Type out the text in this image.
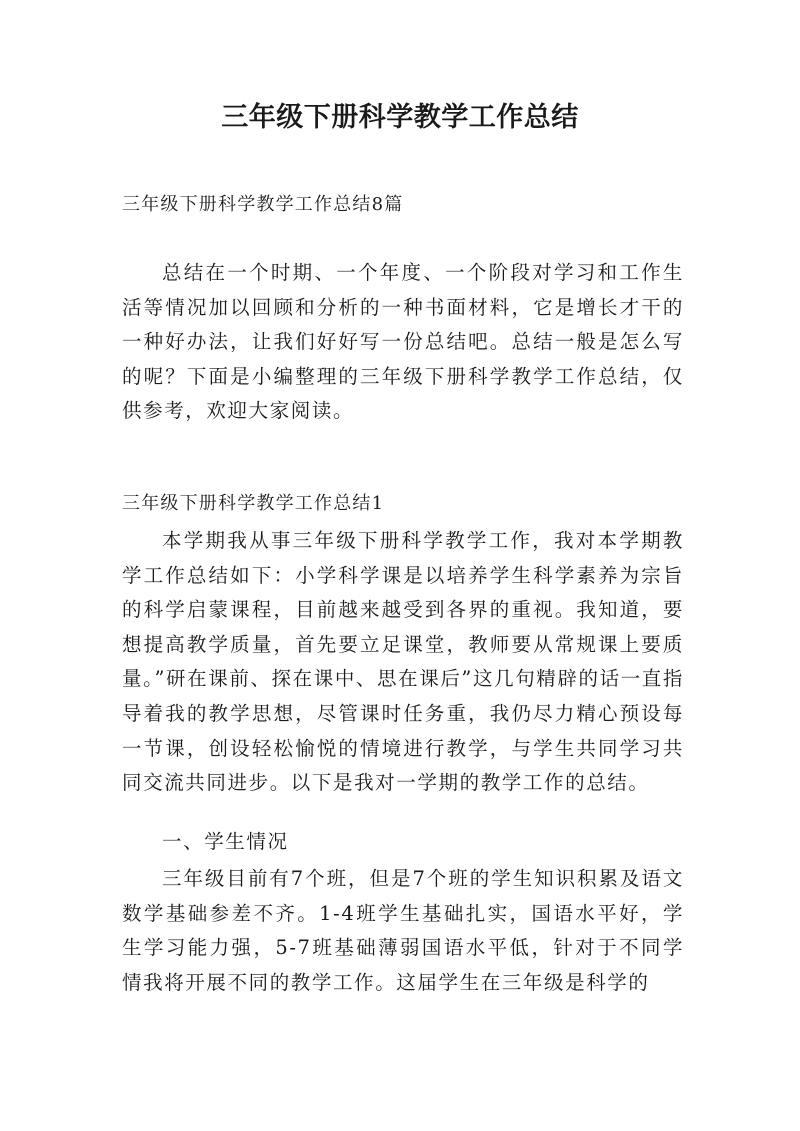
三年级下册科学教学工作总结

三年级下册科学教学工作总结8篇

总结在一个时期、一个年度、一个阶段对学习和工作生活等情况加以回顾和分析的一种书面材料，它是增长才干的一种好办法，让我们好好写一份总结吧。总结一般是怎么写的呢？下面是小编整理的三年级下册科学教学工作总结，仅供参考，欢迎大家阅读。

三年级下册科学教学工作总结1

本学期我从事三年级下册科学教学工作，我对本学期教学工作总结如下：小学科学课是以培养学生科学素养为宗旨的科学启蒙课程，目前越来越受到各界的重视。我知道，要想提高教学质量，首先要立足课堂，教师要从常规课上要质量。”研在课前、探在课中、思在课后”这几句精辟的话一直指导着我的教学思想，尽管课时任务重，我仍尽力精心预设每一节课，创设轻松愉悦的情境进行教学，与学生共同学习共同交流共同进步。以下是我对一学期的教学工作的总结。

一、学生情况

三年级目前有7个班，但是7个班的学生知识积累及语文数学基础参差不齐。1-4班学生基础扎实，国语水平好，学生学习能力强，5-7班基础薄弱国语水平低，针对于不同学情我将开展不同的教学工作。这届学生在三年级是科学的
